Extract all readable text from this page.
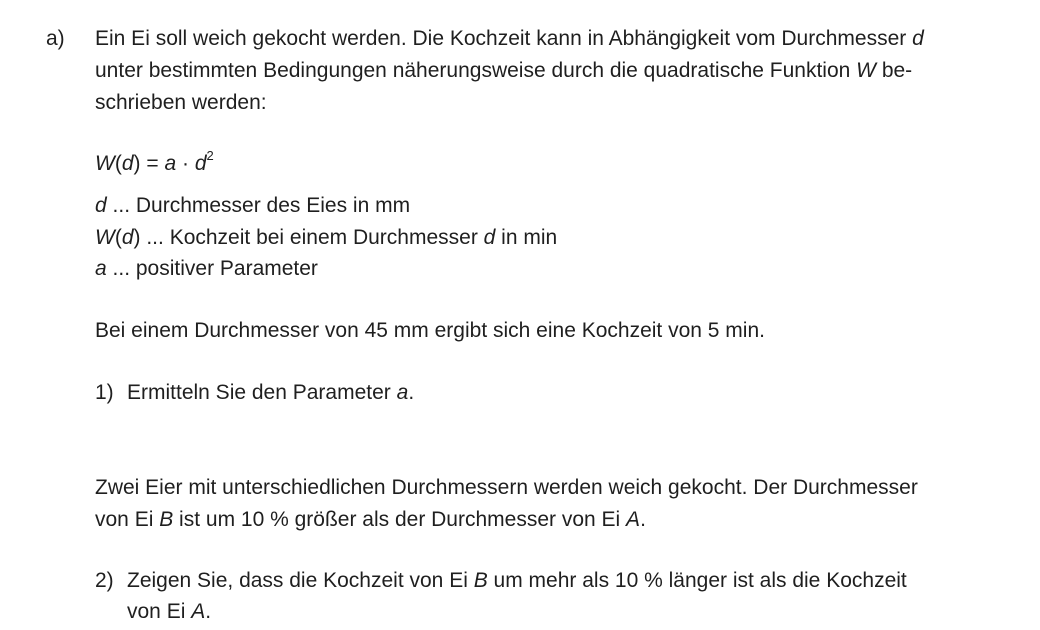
a) Ein Ei soll weich gekocht werden. Die Kochzeit kann in Abhängigkeit vom Durchmesser d
unter bestimmten Bedingungen näherungsweise durch die quadratische Funktion W be-
schrieben werden:
$W(d) = a \cdot d^2$
d ... Durchmesser des Eies in mm
W(d) ... Kochzeit bei einem Durchmesser d in min
a ... positiver Parameter
Bei einem Durchmesser von 45 mm ergibt sich eine Kochzeit von 5 min.
1) Ermitteln Sie den Parameter a.
Zwei Eier mit unterschiedlichen Durchmessern werden weich gekocht. Der Durchmesser
von Ei B ist um 10 % größer als der Durchmesser von Ei A.
2) Zeigen Sie, dass die Kochzeit von Ei B um mehr als 10 % länger ist als die Kochzeit
von Ei A.
